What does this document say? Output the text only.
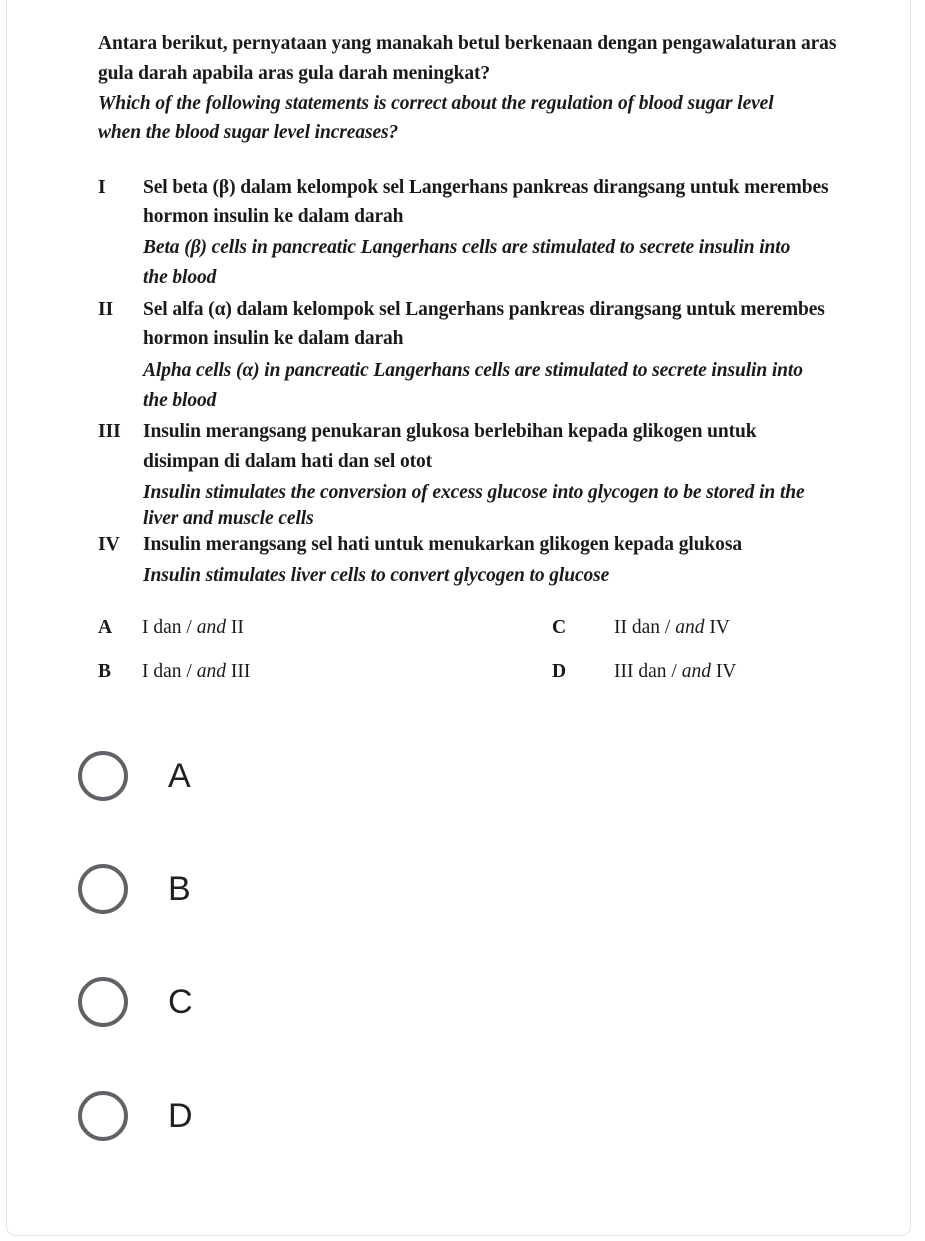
Antara berikut, pernyataan yang manakah betul berkenaan dengan pengawalaturan aras
gula darah apabila aras gula darah meningkat?
Which of the following statements is correct about the regulation of blood sugar level
when the blood sugar level increases?
I Sel beta (β) dalam kelompok sel Langerhans pankreas dirangsang untuk merembes
hormon insulin ke dalam darah
Beta (β) cells in pancreatic Langerhans cells are stimulated to secrete insulin into
the blood
II Sel alfa (α) dalam kelompok sel Langerhans pankreas dirangsang untuk merembes
hormon insulin ke dalam darah
Alpha cells (α) in pancreatic Langerhans cells are stimulated to secrete insulin into
the blood
III Insulin merangsang penukaran glukosa berlebihan kepada glikogen untuk
disimpan di dalam hati dan sel otot
Insulin stimulates the conversion of excess glucose into glycogen to be stored in the
liver and muscle cells
IV Insulin merangsang sel hati untuk menukarkan glikogen kepada glukosa
Insulin stimulates liver cells to convert glycogen to glucose
A I dan / and II	C II dan / and IV
B I dan / and III	D III dan / and IV
A
B
C
D
